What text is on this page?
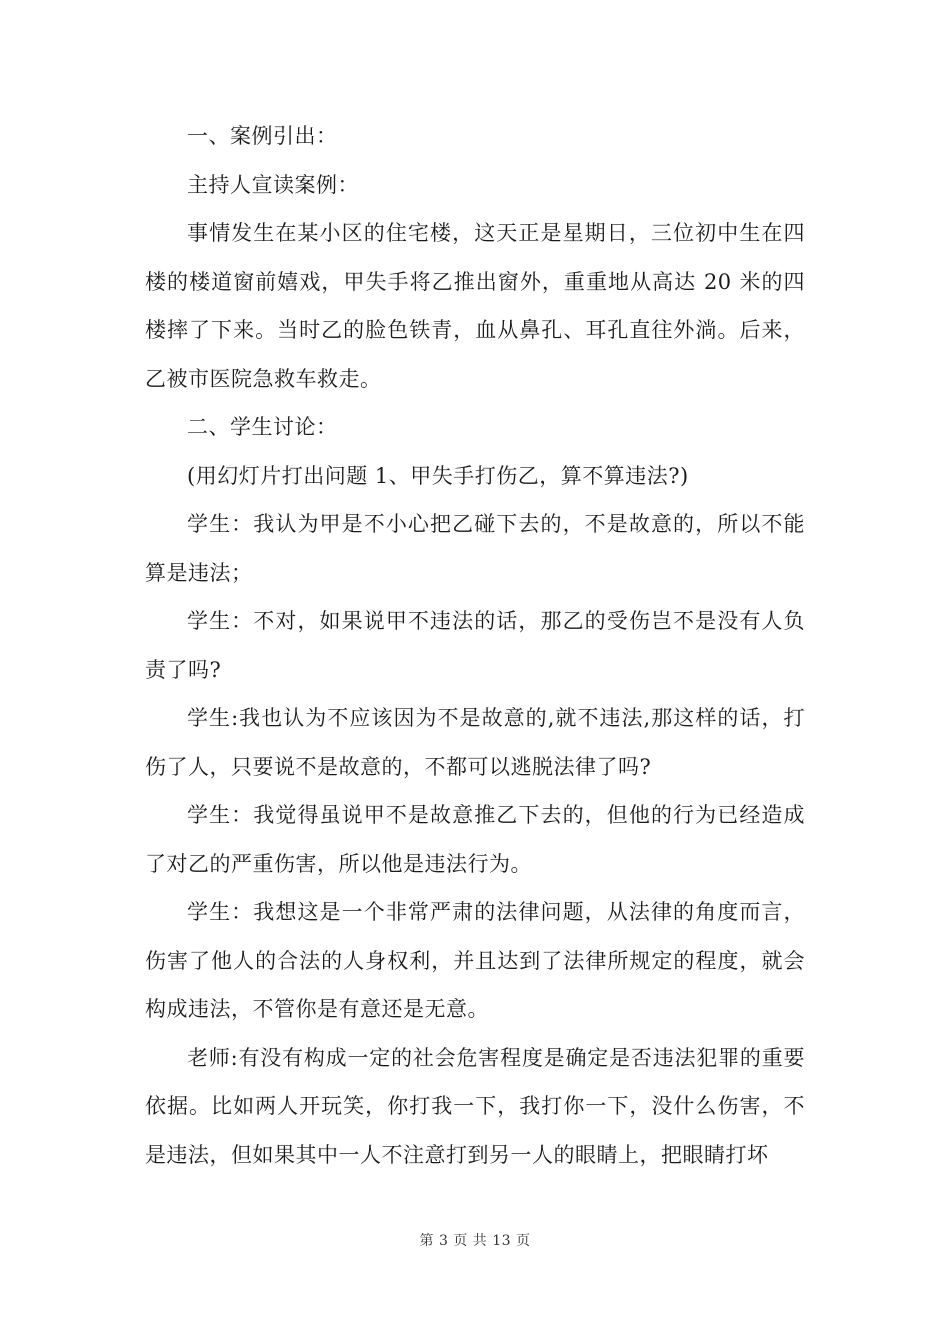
一、案例引出：

主持人宣读案例：

事情发生在某小区的住宅楼，这天正是星期日，三位初中生在四楼的楼道窗前嬉戏，甲失手将乙推出窗外，重重地从高达 20 米的四楼摔了下来。当时乙的脸色铁青，血从鼻孔、耳孔直往外淌。后来，乙被市医院急救车救走。

二、学生讨论：

(用幻灯片打出问题 1、甲失手打伤乙，算不算违法?)

学生：我认为甲是不小心把乙碰下去的，不是故意的，所以不能算是违法；

学生：不对，如果说甲不违法的话，那乙的受伤岂不是没有人负责了吗?

学生:我也认为不应该因为不是故意的,就不违法,那这样的话，打伤了人，只要说不是故意的，不都可以逃脱法律了吗?

学生：我觉得虽说甲不是故意推乙下去的，但他的行为已经造成了对乙的严重伤害，所以他是违法行为。

学生：我想这是一个非常严肃的法律问题，从法律的角度而言，伤害了他人的合法的人身权利，并且达到了法律所规定的程度，就会构成违法，不管你是有意还是无意。

老师:有没有构成一定的社会危害程度是确定是否违法犯罪的重要依据。比如两人开玩笑，你打我一下，我打你一下，没什么伤害，不是违法，但如果其中一人不注意打到另一人的眼睛上，把眼睛打坏

第 3 页 共 13 页
